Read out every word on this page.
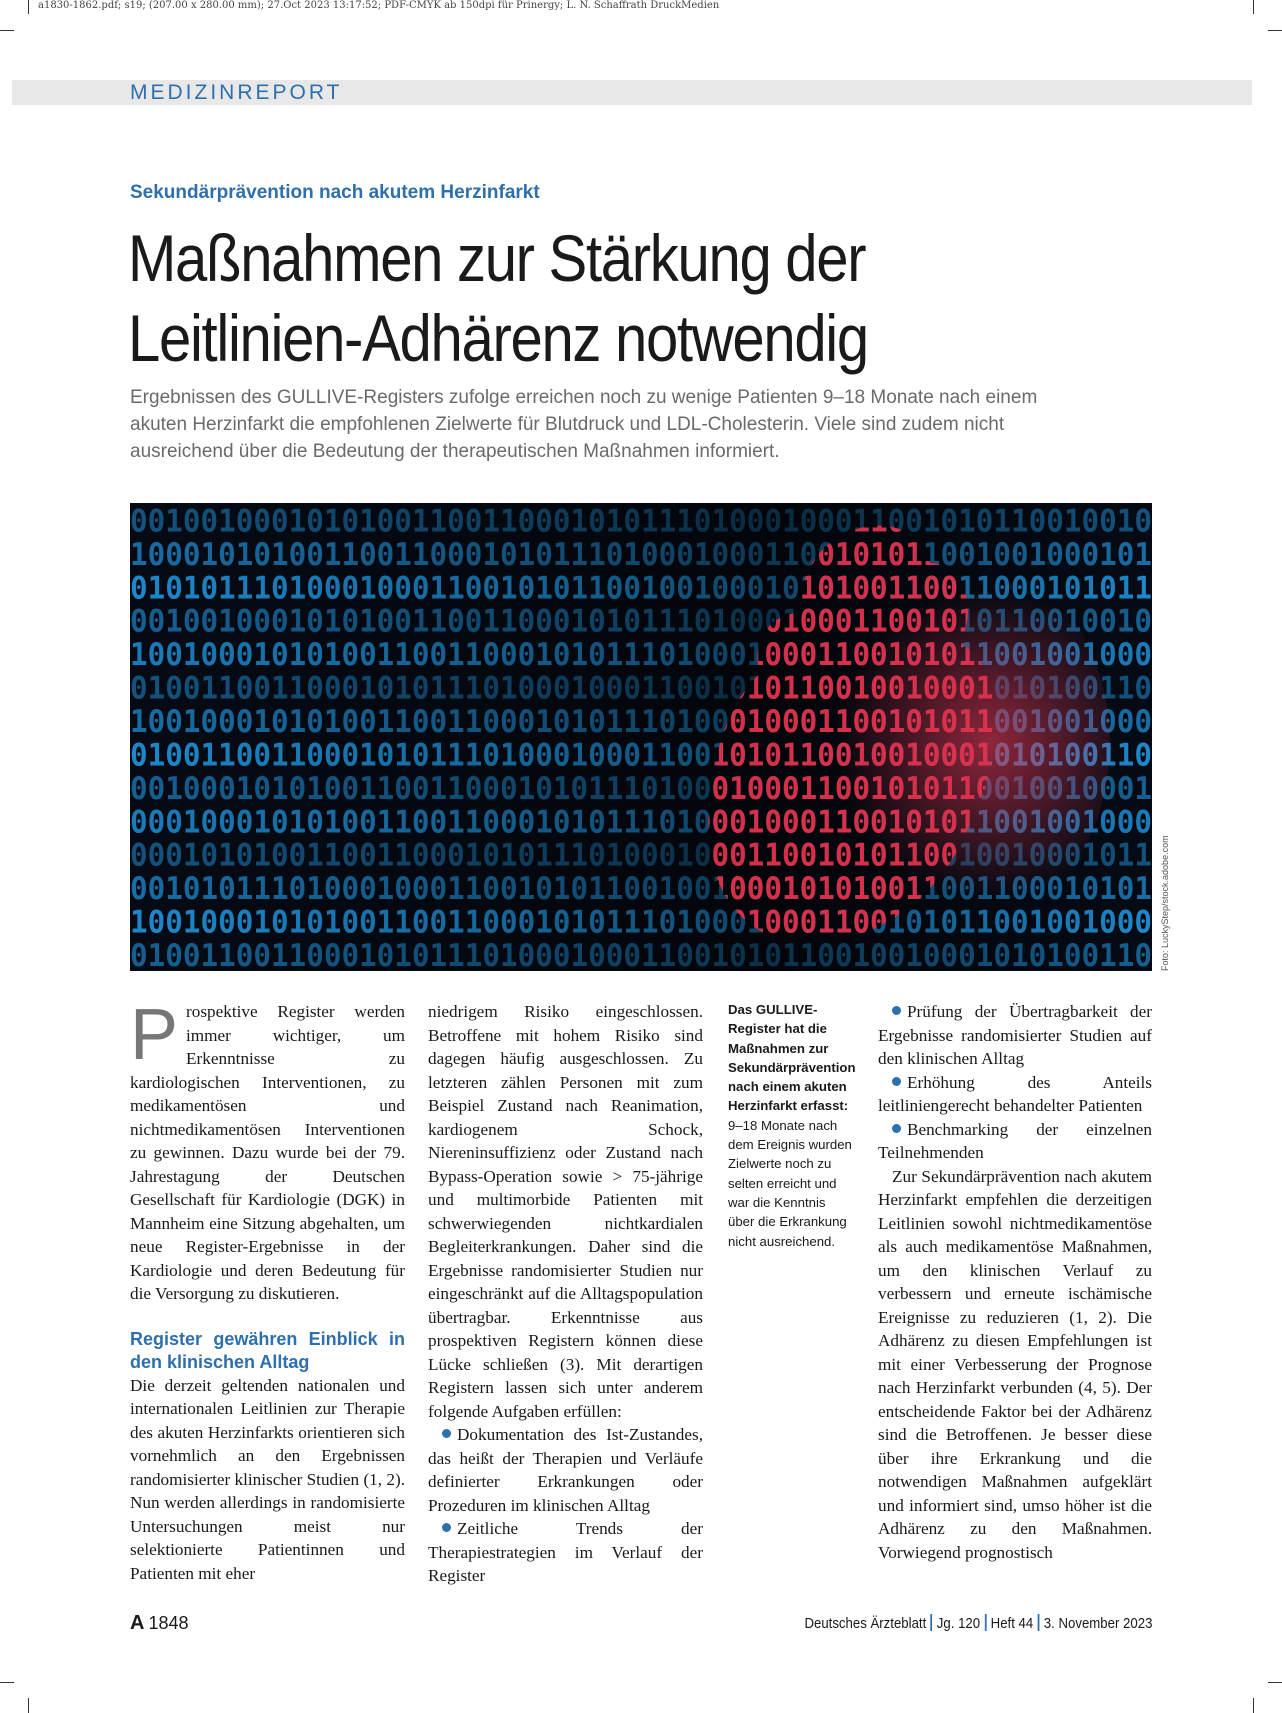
a1830-1862.pdf; s19; (207.00 x 280.00 mm); 27.Oct 2023 13:17:52; PDF-CMYK ab 150dpi für Prinergy; L. N. Schaffrath DruckMedien
MEDIZINREPORT
Sekundärprävention nach akutem Herzinfarkt
Maßnahmen zur Stärkung der
Leitlinien-Adhärenz notwendig
Ergebnissen des GULLIVE-Registers zufolge erreichen noch zu wenige Patienten 9–18 Monate nach einem akuten Herzinfarkt die empfohlenen Zielwerte für Blutdruck und LDL-Cholesterin. Viele sind zudem nicht ausreichend über die Bedeutung der therapeutischen Maßnahmen informiert.
Foto: LuckyStep/stock.adobe.com

Prospektive Register werden immer wichtiger, um Erkenntnisse zu kardiologischen Interventionen, zu medikamentösen und nichtmedikamentösen Interventionen zu gewinnen. Dazu wurde bei der 79. Jahrestagung der Deutschen Gesellschaft für Kardiologie (DGK) in Mannheim eine Sitzung abgehalten, um neue Register-Ergebnisse in der Kardiologie und deren Bedeutung für die Versorgung zu diskutieren.

Register gewähren Einblick in den klinischen Alltag

Die derzeit geltenden nationalen und internationalen Leitlinien zur Therapie des akuten Herzinfarkts orientieren sich vornehmlich an den Ergebnissen randomisierter klinischer Studien (1, 2). Nun werden allerdings in randomisierte Untersuchungen meist nur selektionierte Patientinnen und Patienten mit eher

niedrigem Risiko eingeschlossen. Betroffene mit hohem Risiko sind dagegen häufig ausgeschlossen. Zu letzteren zählen Personen mit zum Beispiel Zustand nach Reanimation, kardiogenem Schock, Niereninsuffizienz oder Zustand nach Bypass-Operation sowie > 75-jährige und multimorbide Patienten mit schwerwiegenden nichtkardialen Begleiterkrankungen. Daher sind die Ergebnisse randomisierter Studien nur eingeschränkt auf die Alltagspopulation übertragbar. Erkenntnisse aus prospektiven Registern können diese Lücke schließen (3). Mit derartigen Registern lassen sich unter anderem folgende Aufgaben erfüllen:

Dokumentation des Ist-Zustandes, das heißt der Therapien und Verläufe definierter Erkrankungen oder Prozeduren im klinischen Alltag

Zeitliche Trends der Therapiestrategien im Verlauf der Register

Das GULLIVE-Register hat die Maßnahmen zur Sekundärprävention nach einem akuten Herzinfarkt erfasst: 9–18 Monate nach dem Ereignis wurden Zielwerte noch zu selten erreicht und war die Kenntnis über die Erkrankung nicht ausreichend.

Prüfung der Übertragbarkeit der Ergebnisse randomisierter Studien auf den klinischen Alltag

Erhöhung des Anteils leitliniengerecht behandelter Patienten

Benchmarking der einzelnen Teilnehmenden

Zur Sekundärprävention nach akutem Herzinfarkt empfehlen die derzeitigen Leitlinien sowohl nichtmedikamentöse als auch medikamentöse Maßnahmen, um den klinischen Verlauf zu verbessern und erneute ischämische Ereignisse zu reduzieren (1, 2). Die Adhärenz zu diesen Empfehlungen ist mit einer Verbesserung der Prognose nach Herzinfarkt verbunden (4, 5). Der entscheidende Faktor bei der Adhärenz sind die Betroffenen. Je besser diese über ihre Erkrankung und die notwendigen Maßnahmen aufgeklärt und informiert sind, umso höher ist die Adhärenz zu den Maßnahmen. Vorwiegend prognostisch

A 1848	Deutsches Ärzteblatt Jg. 120 Heft 44 3. November 2023
